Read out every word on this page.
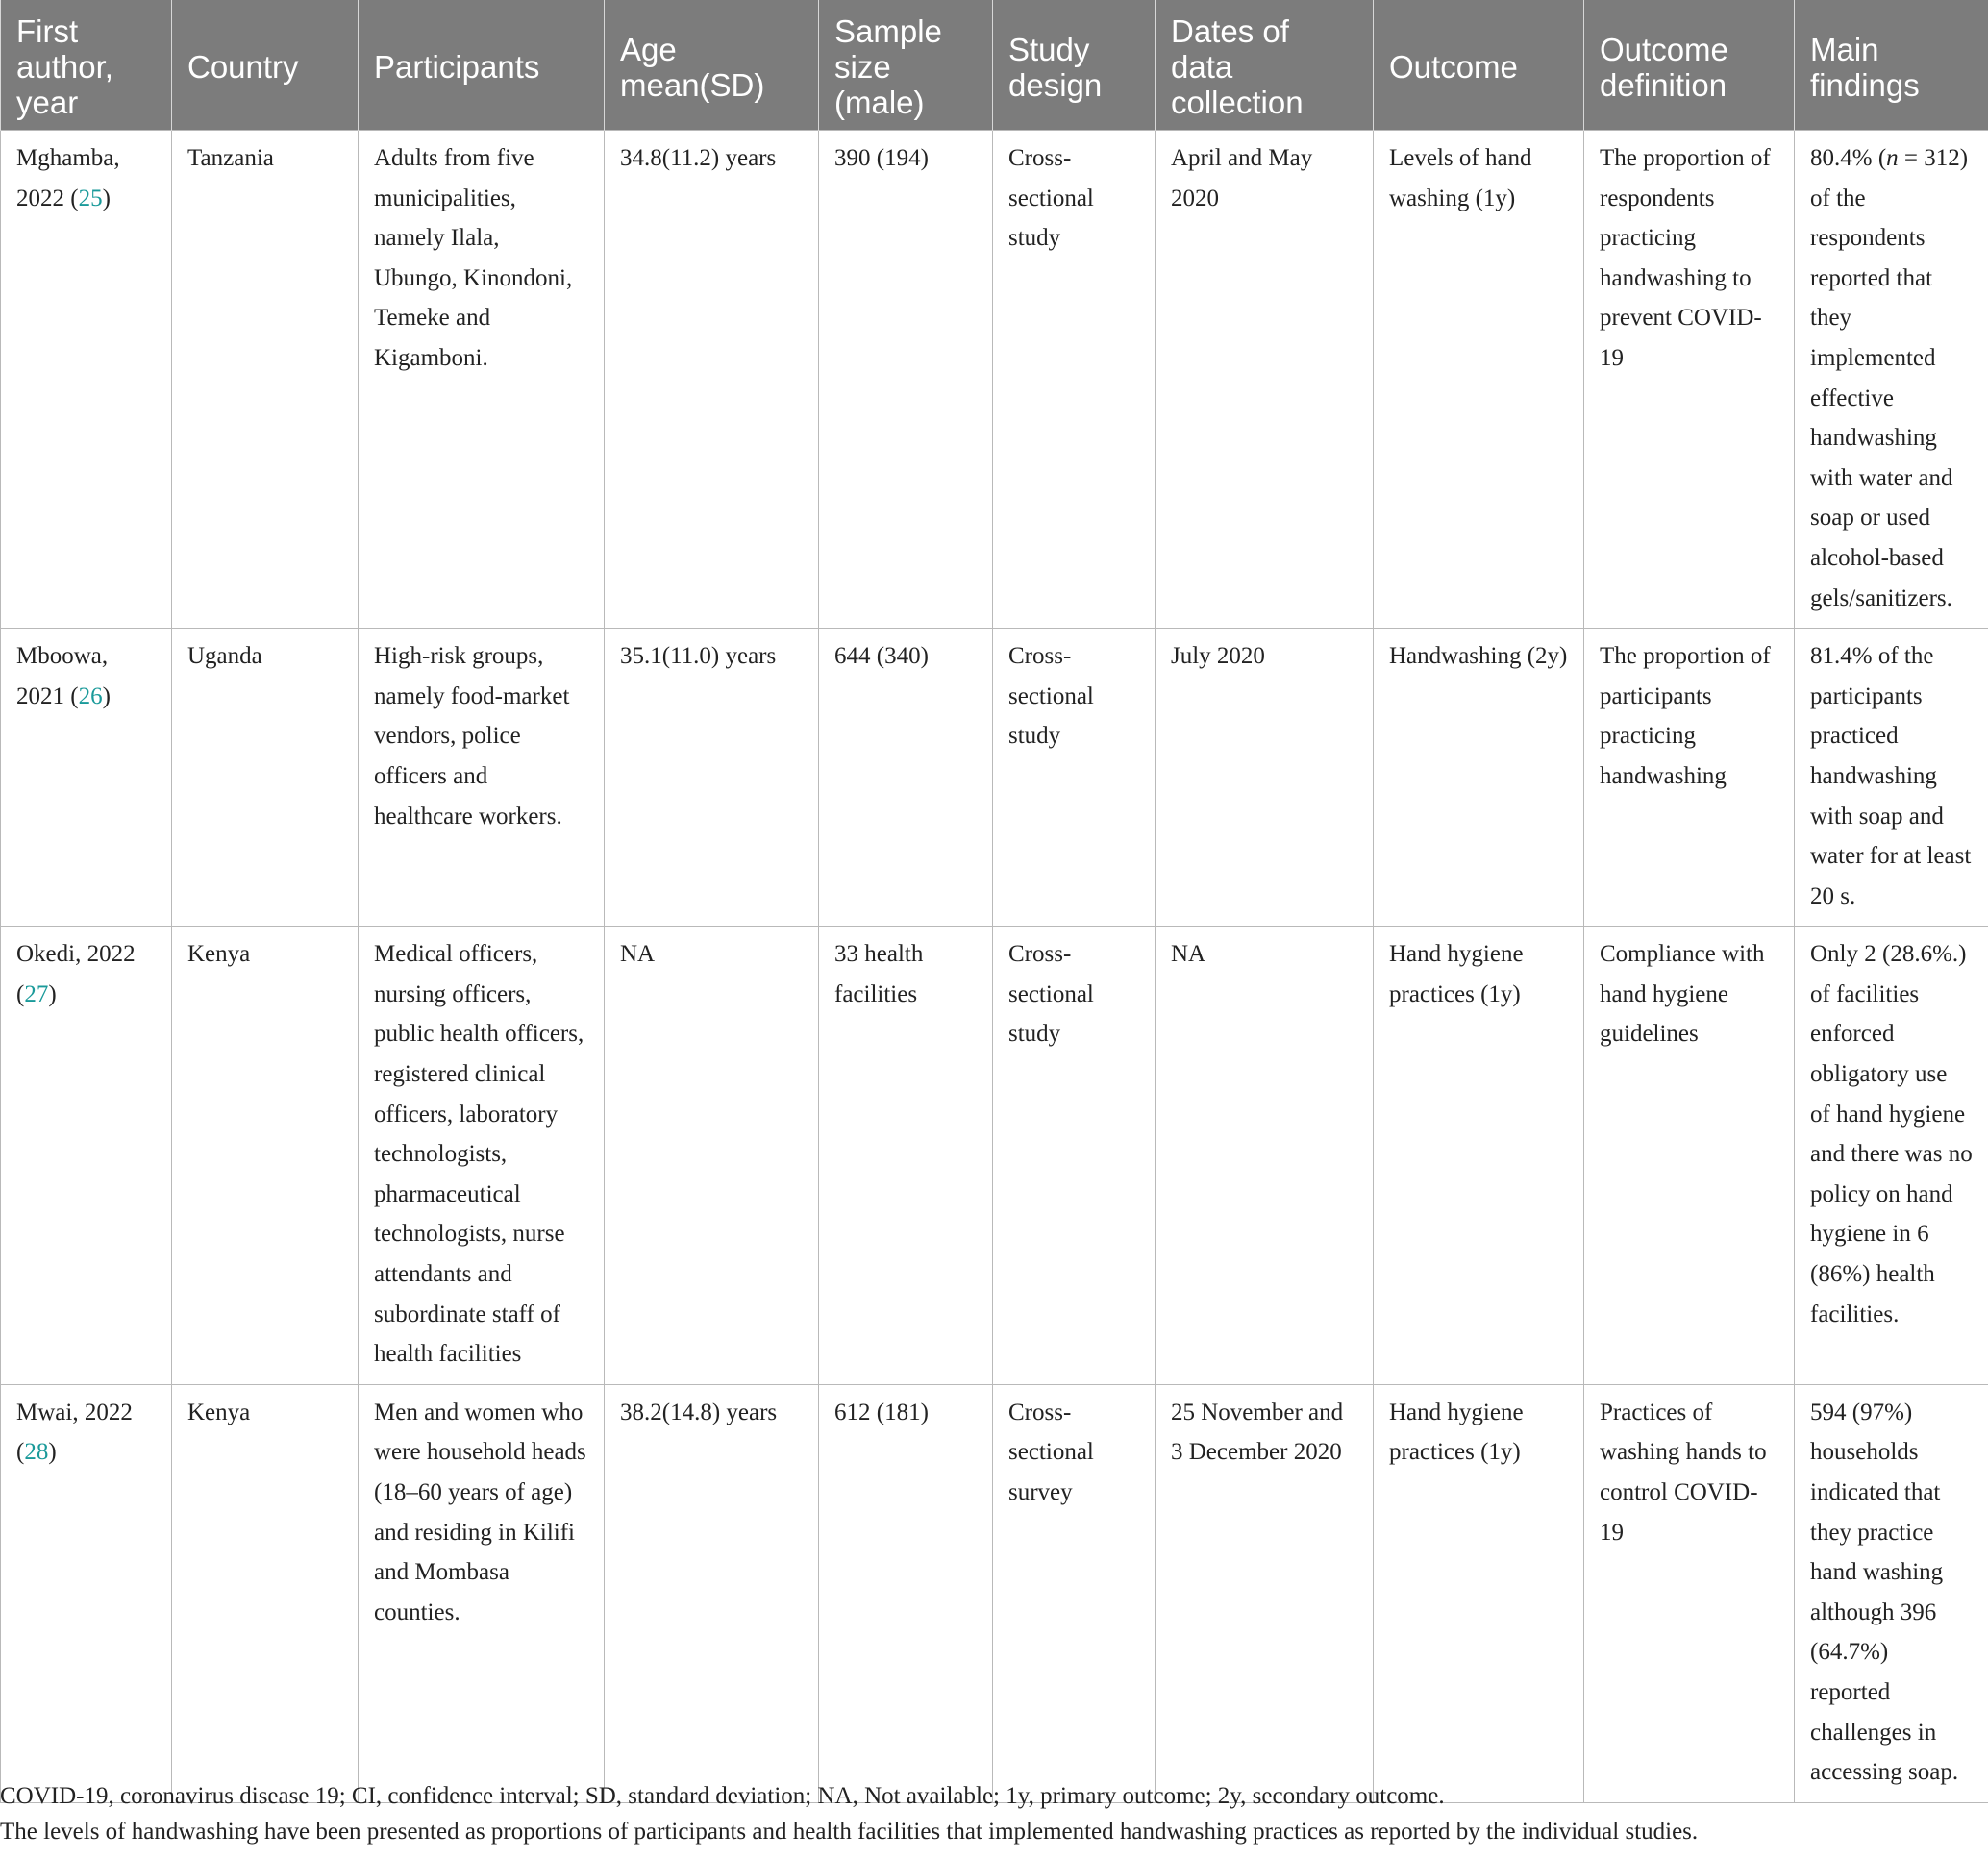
First author, year	Country	Participants	Age mean(SD)	Sample size (male)	Study design	Dates of data collection	Outcome	Outcome definition	Main findings
Mghamba, 2022 (25)	Tanzania	Adults from five municipalities, namely Ilala, Ubungo, Kinondoni, Temeke and Kigamboni.	34.8(11.2) years	390 (194)	Cross-sectional study	April and May 2020	Levels of hand washing (1y)	The proportion of respondents practicing handwashing to prevent COVID-19	80.4% (n = 312) of the respondents reported that they implemented effective handwashing with water and soap or used alcohol-based gels/sanitizers.
Mboowa, 2021 (26)	Uganda	High-risk groups, namely food-market vendors, police officers and healthcare workers.	35.1(11.0) years	644 (340)	Cross-sectional study	July 2020	Handwashing (2y)	The proportion of participants practicing handwashing	81.4% of the participants practiced handwashing with soap and water for at least 20 s.
Okedi, 2022 (27)	Kenya	Medical officers, nursing officers, public health officers, registered clinical officers, laboratory technologists, pharmaceutical technologists, nurse attendants and subordinate staff of health facilities	NA	33 health facilities	Cross-sectional study	NA	Hand hygiene practices (1y)	Compliance with hand hygiene guidelines	Only 2 (28.6%.) of facilities enforced obligatory use of hand hygiene and there was no policy on hand hygiene in 6 (86%) health facilities.
Mwai, 2022 (28)	Kenya	Men and women who were household heads (18–60 years of age) and residing in Kilifi and Mombasa counties.	38.2(14.8) years	612 (181)	Cross-sectional survey	25 November and 3 December 2020	Hand hygiene practices (1y)	Practices of washing hands to control COVID-19	594 (97%) households indicated that they practice hand washing although 396 (64.7%) reported challenges in accessing soap.

COVID-19, coronavirus disease 19; CI, confidence interval; SD, standard deviation; NA, Not available; 1y, primary outcome; 2y, secondary outcome.

The levels of handwashing have been presented as proportions of participants and health facilities that implemented handwashing practices as reported by the individual studies.
